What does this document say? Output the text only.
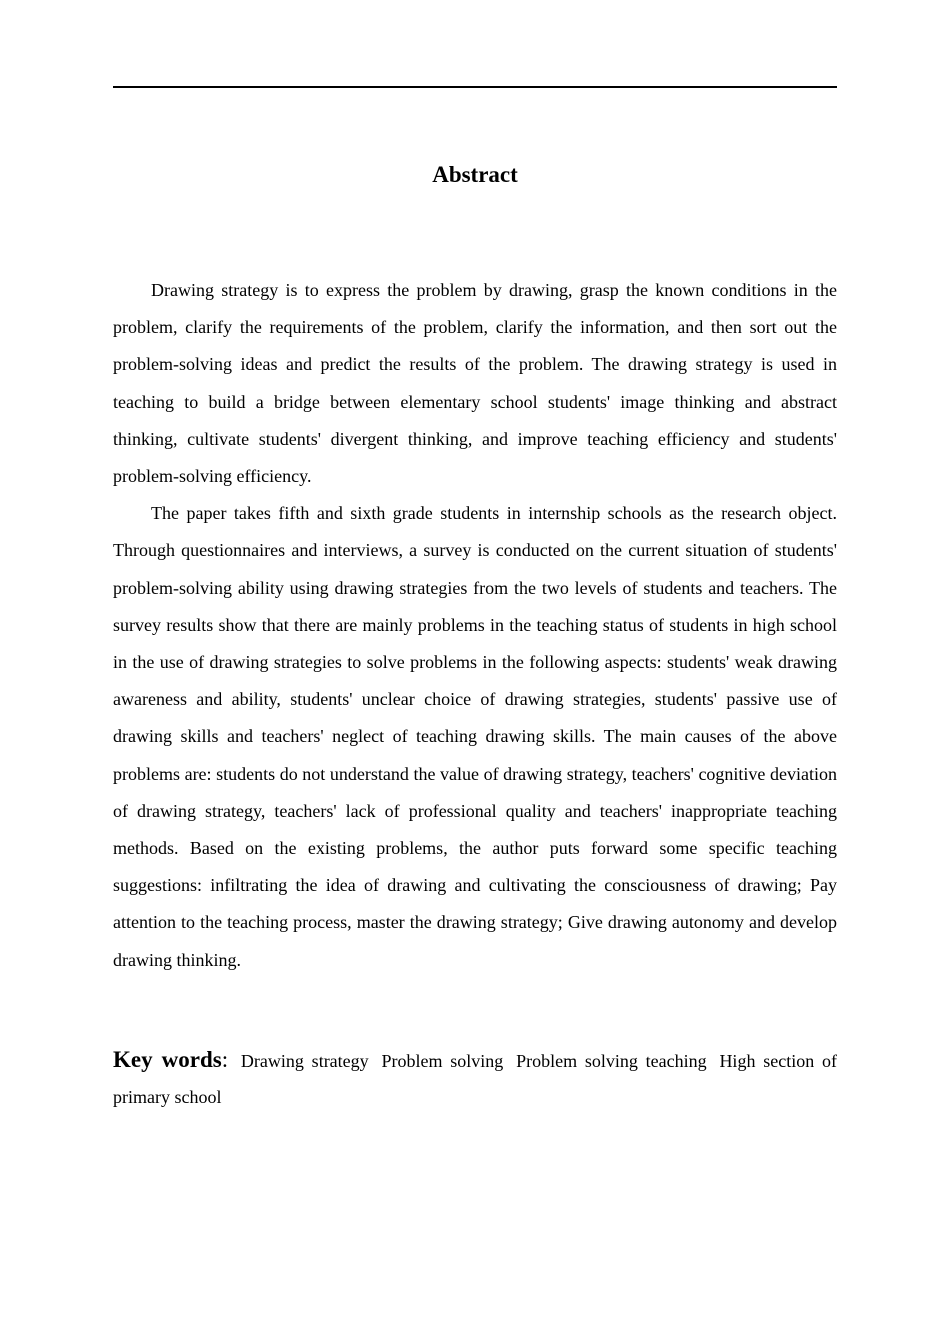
Abstract

Drawing strategy is to express the problem by drawing, grasp the known conditions in the problem, clarify the requirements of the problem, clarify the information, and then sort out the problem-solving ideas and predict the results of the problem. The drawing strategy is used in teaching to build a bridge between elementary school students' image thinking and abstract thinking, cultivate students' divergent thinking, and improve teaching efficiency and students' problem-solving efficiency.

The paper takes fifth and sixth grade students in internship schools as the research object. Through questionnaires and interviews, a survey is conducted on the current situation of students' problem-solving ability using drawing strategies from the two levels of students and teachers. The survey results show that there are mainly problems in the teaching status of students in high school in the use of drawing strategies to solve problems in the following aspects: students' weak drawing awareness and ability, students' unclear choice of drawing strategies, students' passive use of drawing skills and teachers' neglect of teaching drawing skills. The main causes of the above problems are: students do not understand the value of drawing strategy, teachers' cognitive deviation of drawing strategy, teachers' lack of professional quality and teachers' inappropriate teaching methods. Based on the existing problems, the author puts forward some specific teaching suggestions: infiltrating the idea of drawing and cultivating the consciousness of drawing; Pay attention to the teaching process, master the drawing strategy; Give drawing autonomy and develop drawing thinking.

Key words: Drawing strategy Problem solving Problem solving teaching High section of primary school
